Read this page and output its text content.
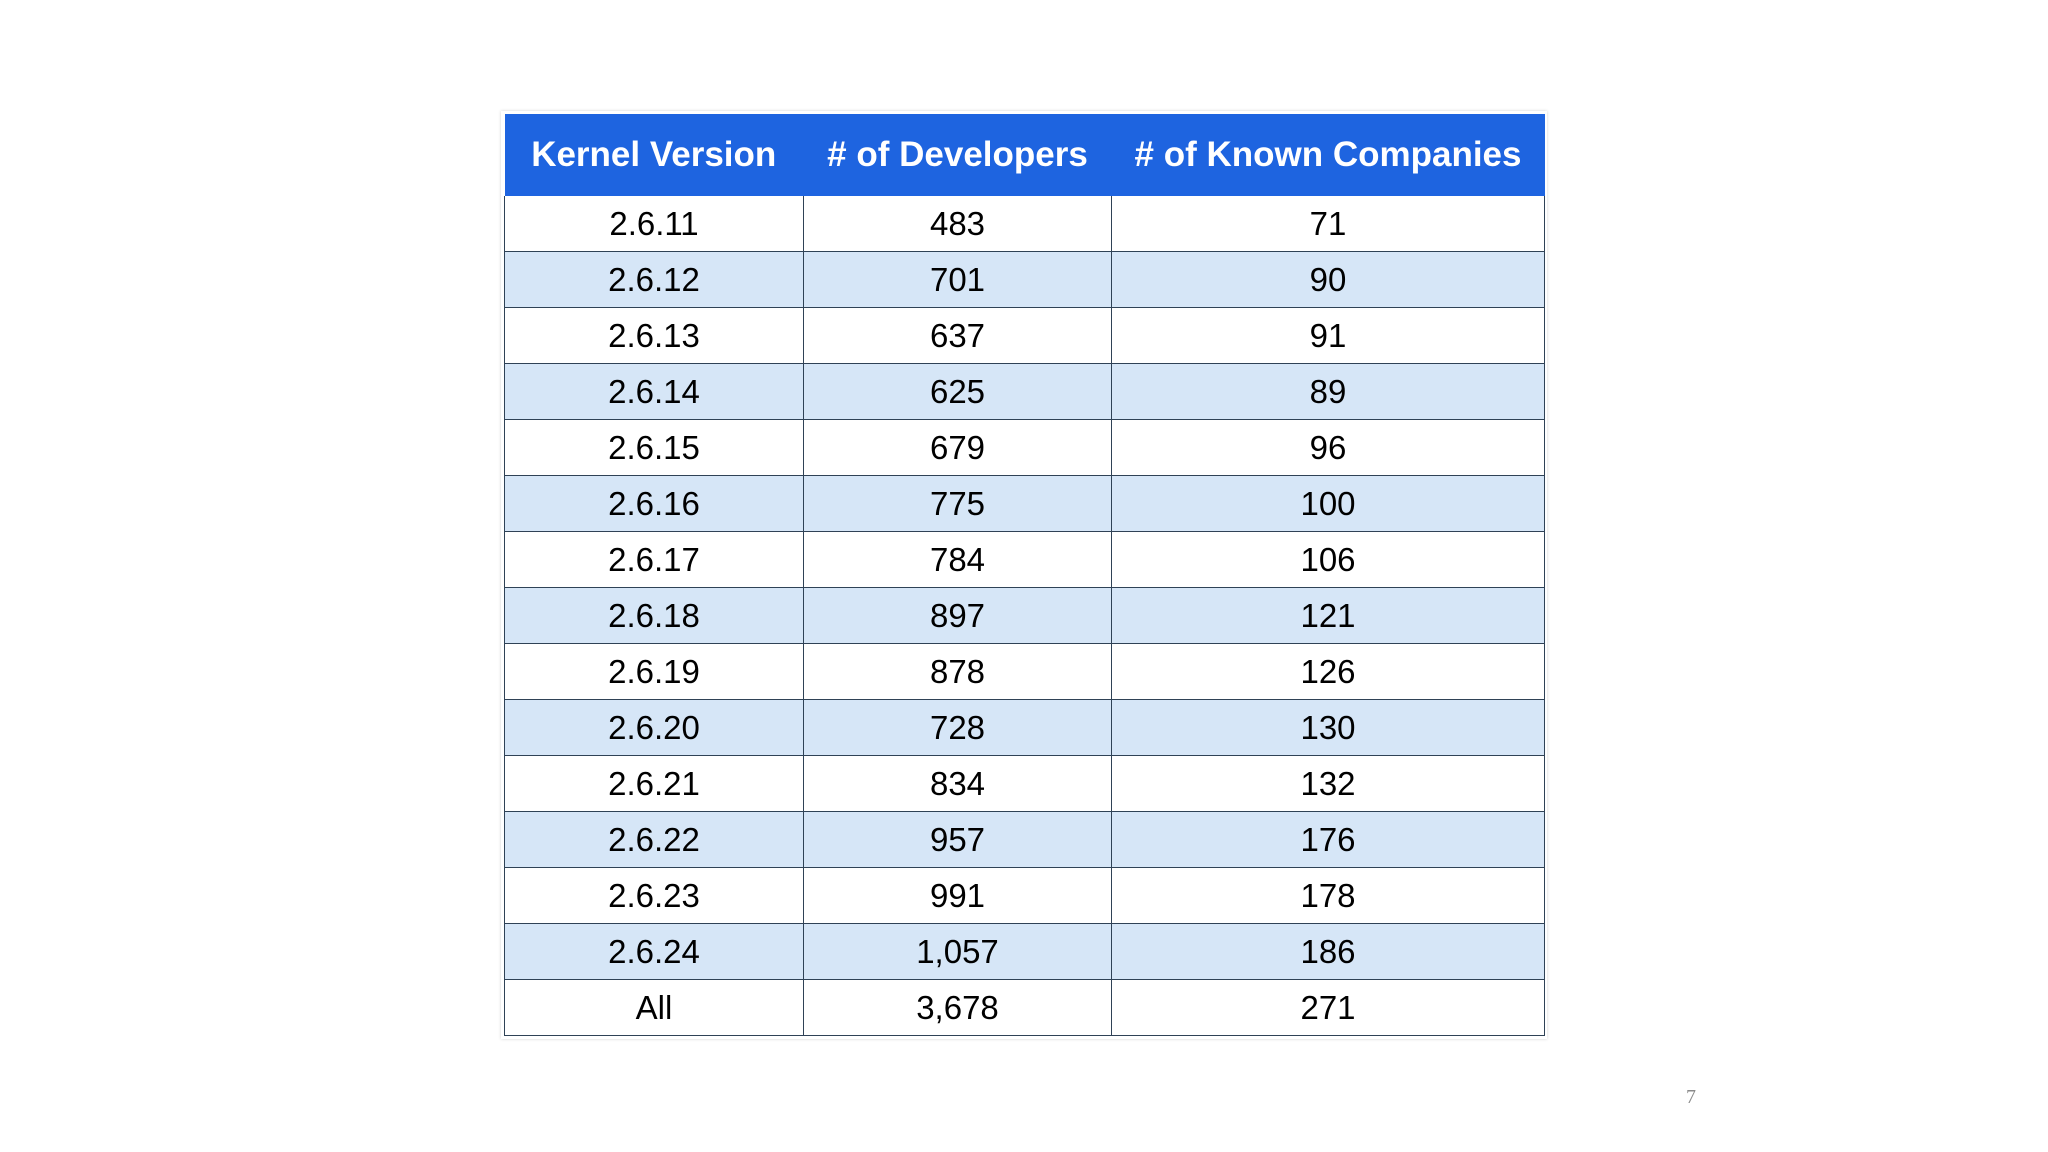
Kernel Version	# of Developers	# of Known Companies
2.6.11	483	71
2.6.12	701	90
2.6.13	637	91
2.6.14	625	89
2.6.15	679	96
2.6.16	775	100
2.6.17	784	106
2.6.18	897	121
2.6.19	878	126
2.6.20	728	130
2.6.21	834	132
2.6.22	957	176
2.6.23	991	178
2.6.24	1,057	186
All	3,678	271
7
